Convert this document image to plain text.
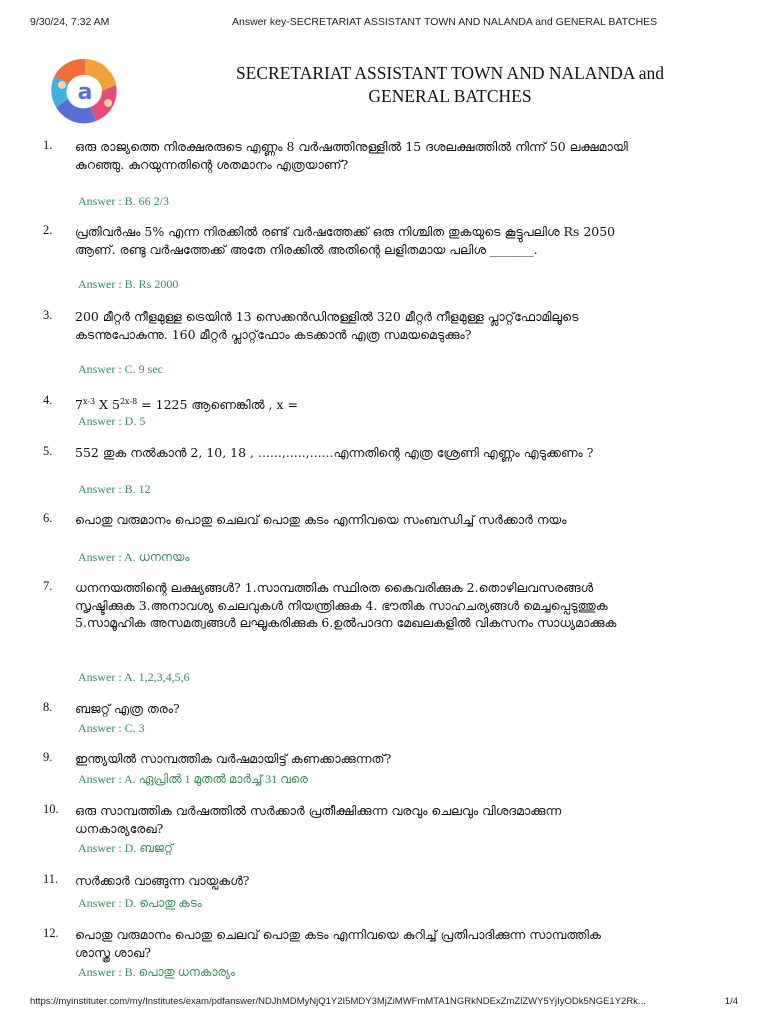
9/30/24, 7:32 AM	Answer key-SECRETARIAT ASSISTANT TOWN AND NALANDA and GENERAL BATCHES
a
SECRETARIAT ASSISTANT TOWN AND NALANDA and
GENERAL BATCHES
1. ഒരു രാജ്യത്തെ നിരക്ഷരരുടെ എണ്ണം 8 വർഷത്തിനുള്ളിൽ 15 ദശലക്ഷത്തിൽ നിന്ന് 50 ലക്ഷമായി കുറഞ്ഞു. കുറയുന്നതിന്റെ ശതമാനം എത്രയാണ്?
Answer : B. 66 2/3
2. പ്രതിവർഷം 5% എന്ന നിരക്കിൽ രണ്ട് വർഷത്തേക്ക് ഒരു നിശ്ചിത തുകയുടെ കൂട്ടുപലിശ Rs 2050 ആണ്. രണ്ടു വർഷത്തേക്ക് അതേ നിരക്കിൽ അതിന്റെ ലളിതമായ പലിശ _______.
Answer : B. Rs 2000
3. 200 മീറ്റർ നീളമുള്ള ട്രെയിൻ 13 സെക്കൻഡിനുള്ളിൽ 320 മീറ്റർ നീളമുള്ള പ്ലാറ്റ്‌ഫോമിലൂടെ കടന്നുപോകുന്നു. 160 മീറ്റർ പ്ലാറ്റ്‌ഫോം കടക്കാൻ എത്ര സമയമെടുക്കും?
Answer : C. 9 sec
4. 7$^{x-3}$ X $5^{2x-8} = 1225$ ആണെങ്കിൽ , x =
Answer : D. 5
5. 552 തുക നൽകാൻ 2, 10, 18 , ......,.....,......എന്നതിന്റെ എത്ര ശ്രേണി എണ്ണം എടുക്കണം ?
Answer : B. 12
6. പൊതു വരുമാനം പൊതു ചെലവ് പൊതു കടം എന്നിവയെ സംബന്ധിച്ച് സർക്കാർ നയം
Answer : A. ധനനയം
7. ധനനയത്തിന്റെ ലക്ഷ്യങ്ങൾ? 1.സാമ്പത്തിക സ്ഥിരത കൈവരിക്കുക 2.തൊഴിലവസരങ്ങൾ സൃഷ്ടിക്കുക 3.അനാവശ്യ ചെലവുകൾ നിയന്ത്രിക്കുക 4. ഭൗതിക സാഹചര്യങ്ങൾ മെച്ചപ്പെടുത്തുക 5.സാമൂഹിക അസമത്വങ്ങൾ ലഘൂകരിക്കുക 6.ഉൽപാദന മേഖലകളിൽ വികസനം സാധ്യമാക്കുക
Answer : A. 1,2,3,4,5,6
8. ബജറ്റ് എത്ര തരം?
Answer : C. 3
9. ഇന്ത്യയിൽ സാമ്പത്തിക വർഷമായിട്ട് കണക്കാക്കുന്നത്?
Answer : A. ഏപ്രിൽ 1 മുതൽ മാർച്ച് 31 വരെ
10. ഒരു സാമ്പത്തിക വർഷത്തിൽ സർക്കാർ പ്രതീക്ഷിക്കുന്ന വരവും ചെലവും വിശദമാക്കുന്ന ധനകാര്യരേഖ?
Answer : D. ബജറ്റ്
11. സർക്കാർ വാങ്ങുന്ന വായ്പകൾ?
Answer : D. പൊതു കടം
12. പൊതു വരുമാനം പൊതു ചെലവ് പൊതു കടം എന്നിവയെ കുറിച്ച് പ്രതിപാദിക്കുന്ന സാമ്പത്തിക ശാസ്ത്ര ശാഖ?
Answer : B. പൊതു ധനകാര്യം
https://myinstituter.com/my/Institutes/exam/pdfanswer/NDJhMDMyNjQ1Y2I5MDY3MjZiMWFmMTA1NGRkNDExZmZlZWY5YjIyODk5NGE1Y2Rk...	1/4
